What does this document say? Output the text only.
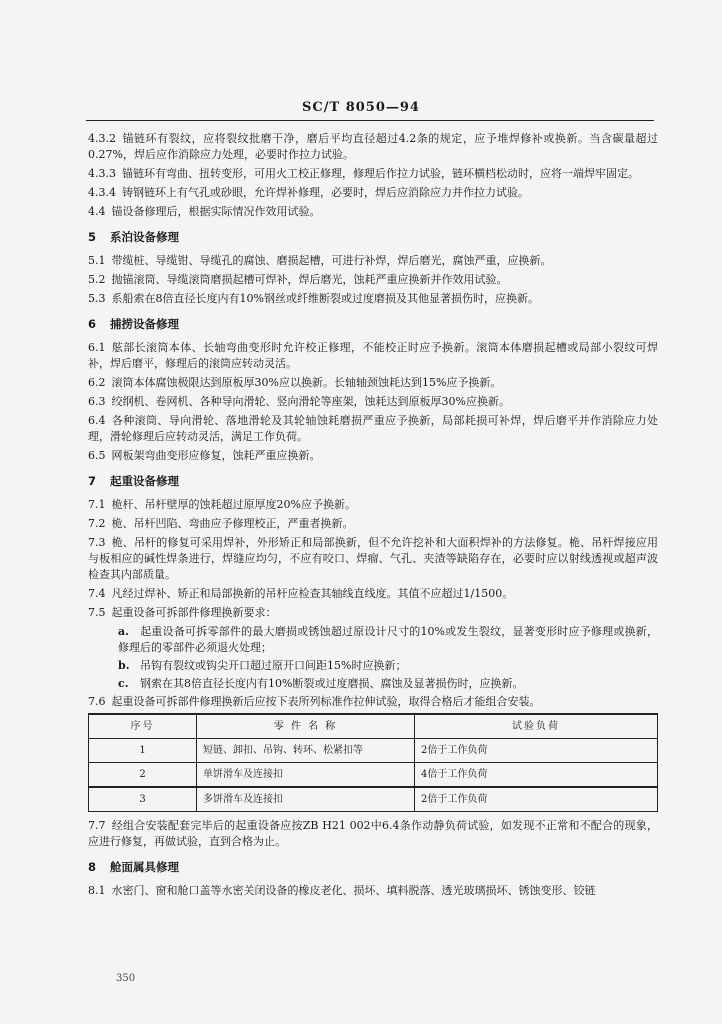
SC/T 8050—94

4.3.2 锚链环有裂纹，应将裂纹批磨干净，磨后平均直径超过4.2条的规定，应予堆焊修补或换新。当含碳量超过0.27%，焊后应作消除应力处理，必要时作拉力试验。

4.3.3 锚链环有弯曲、扭转变形，可用火工校正修理，修理后作拉力试验，链环横档松动时，应将一端焊牢固定。

4.3.4 铸钢链环上有气孔或砂眼，允许焊补修理，必要时，焊后应消除应力并作拉力试验。

4.4 锚设备修理后，根据实际情况作效用试验。

5 系泊设备修理

5.1 带缆桩、导缆钳、导缆孔的腐蚀、磨损起槽，可进行补焊，焊后磨光，腐蚀严重，应换新。

5.2 抛锚滚筒、导缆滚筒磨损起槽可焊补，焊后磨光，蚀耗严重应换新并作效用试验。

5.3 系船索在8倍直径长度内有10%钢丝或纤维断裂或过度磨损及其他显著损伤时，应换新。

6 捕捞设备修理

6.1 舷部长滚筒本体、长轴弯曲变形时允许校正修理，不能校正时应予换新。滚筒本体磨损起槽或局部小裂纹可焊补，焊后磨平，修理后的滚筒应转动灵活。

6.2 滚筒本体腐蚀极限达到原板厚30%应以换新。长轴轴颈蚀耗达到15%应予换新。

6.3 绞纲机、卷网机、各种导向滑轮、竖向滑轮等座架，蚀耗达到原板厚30%应换新。

6.4 各种滚筒、导向滑轮、落地滑轮及其轮轴蚀耗磨损严重应予换新，局部耗损可补焊，焊后磨平并作消除应力处理，滑轮修理后应转动灵活，满足工作负荷。

6.5 网板架弯曲变形应修复，蚀耗严重应换新。

7 起重设备修理

7.1 桅杆、吊杆壁厚的蚀耗超过原厚度20%应予换新。

7.2 桅、吊杆凹陷、弯曲应予修理校正，严重者换新。

7.3 桅、吊杆的修复可采用焊补，外形矫正和局部换新，但不允许挖补和大面积焊补的方法修复。桅、吊杆焊接应用与板相应的碱性焊条进行，焊缝应均匀，不应有咬口、焊瘤、气孔、夹渣等缺陷存在，必要时应以射线透视或超声波检查其内部质量。

7.4 凡经过焊补、矫正和局部换新的吊杆应检查其轴线直线度。其值不应超过1/1500。

7.5 起重设备可拆部件修理换新要求：

a. 起重设备可拆零部件的最大磨损或锈蚀超过原设计尺寸的10%或发生裂纹，显著变形时应予修理或换新，修理后的零部件必须退火处理；

b. 吊钩有裂纹或钩尖开口超过原开口间距15%时应换新；

c. 钢索在其8倍直径长度内有10%断裂或过度磨损、腐蚀及显著损伤时，应换新。

7.6 起重设备可拆部件修理换新后应按下表所列标准作拉伸试验，取得合格后才能组合安装。

序号	零 件 名 称	试验负荷
1	短链、卸扣、吊钩、转环、松紧扣等	2倍于工作负荷
2	单饼滑车及连接扣	4倍于工作负荷
3	多饼滑车及连接扣	2倍于工作负荷

7.7 经组合安装配套完毕后的起重设备应按ZB H21 002中6.4条作动静负荷试验，如发现不正常和不配合的现象，应进行修复，再做试验，直到合格为止。

8 舱面属具修理

8.1 水密门、窗和舱口盖等水密关闭设备的橡皮老化、损坏、填料脱落、透光玻璃损坏、锈蚀变形、铰链

350
